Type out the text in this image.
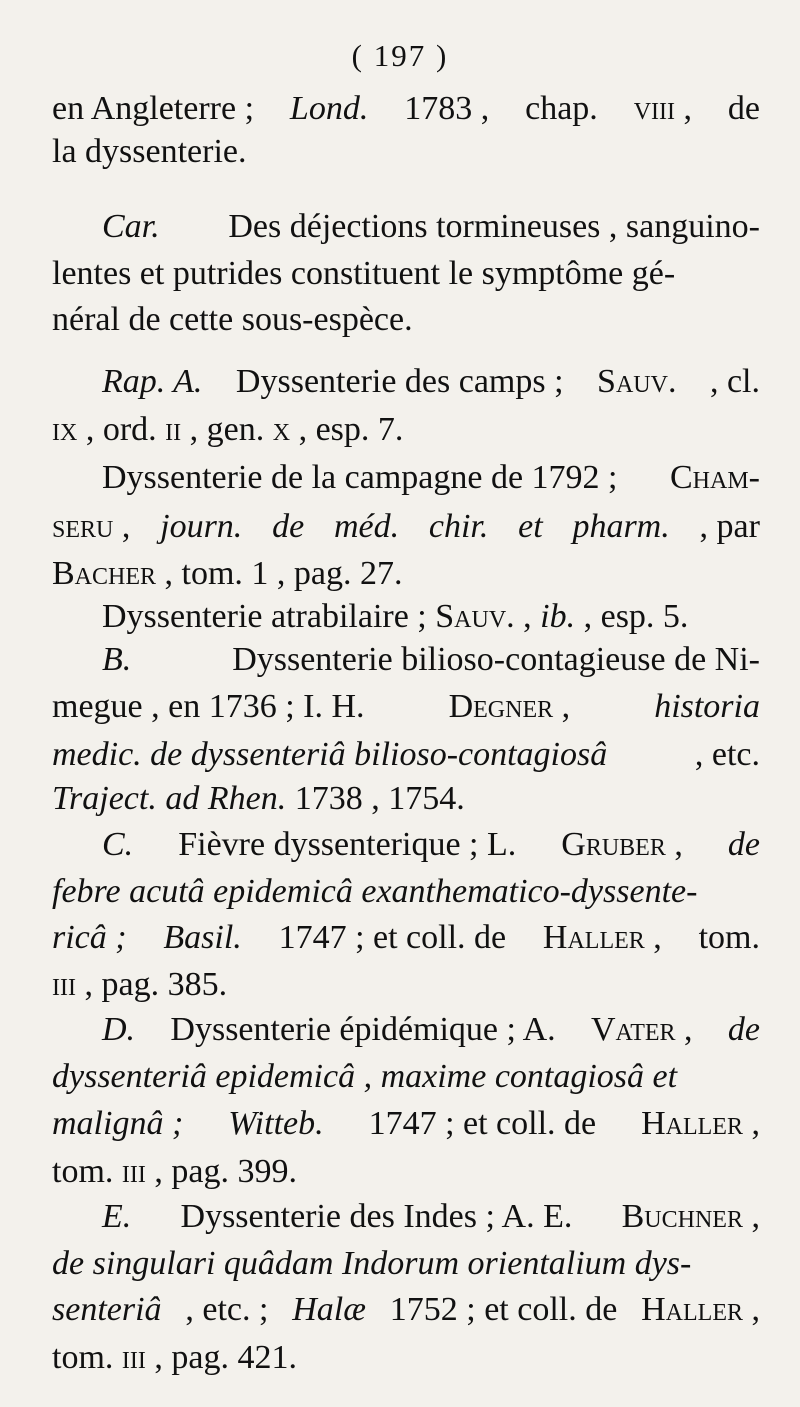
( 197 )
en Angleterre ; Lond. 1783 , chap. viii , de
la dyssenterie.
Car. Des déjections tormineuses , sanguino-
lentes et putrides constituent le symptôme gé-
néral de cette sous-espèce.
Rap. A. Dyssenterie des camps ; Sauv. , cl.
ix , ord. ii , gen. x , esp. 7.
Dyssenterie de la campagne de 1792 ; Cham-
seru , journ. de méd. chir. et pharm. , par
Bacher , tom. 1 , pag. 27.
Dyssenterie atrabilaire ; Sauv. , ib. , esp. 5.
B.	Dyssenterie bilioso-contagieuse de Ni-
megue , en 1736 ; I. H. Degner , historia
medic. de dyssenteriâ bilioso-contagiosâ	, etc.
Traject. ad Rhen. 1738 , 1754.
C. Fièvre dyssenterique ; L. Gruber , de
febre acutâ epidemicâ exanthematico-dyssente-
ricâ ; Basil. 1747 ; et coll. de Haller , tom.
iii , pag. 385.
D. Dyssenterie épidémique ; A. Vater , de
dyssenteriâ epidemicâ , maxime contagiosâ et
malignâ ; Witteb. 1747 ; et coll. de Haller ,
tom. iii , pag. 399.
E. Dyssenterie des Indes ; A. E. Buchner ,
de singulari quâdam Indorum orientalium dys-
senteriâ , etc. ; Halæ 1752 ; et coll. de Haller ,
tom. iii , pag. 421.
